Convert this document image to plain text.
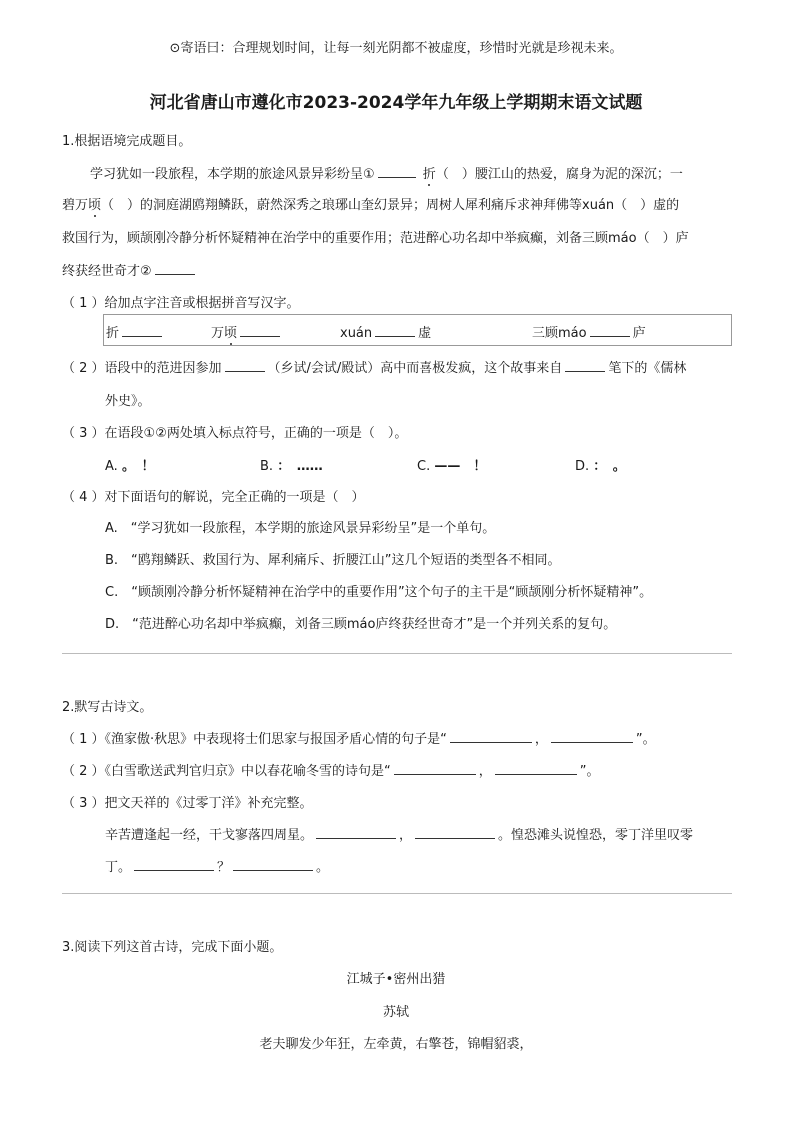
⊙寄语曰：合理规划时间，让每一刻光阴都不被虚度，珍惜时光就是珍视未来。
河北省唐山市遵化市2023-2024学年九年级上学期期末语文试题
1.根据语境完成题目。
学习犹如一段旅程，本学期的旅途风景异彩纷呈①	折（　）腰江山的热爱，腐身为泥的深沉；一
碧万顷（　）的洞庭湖鸥翔鳞跃，蔚然深秀之琅琊山奎幻景异；周树人犀利痛斥求神拜佛等xuán（　）虚的
救国行为，顾颉刚冷静分析怀疑精神在治学中的重要作用；范进醉心功名却中举疯癫，刘备三顾máo（　）庐
终获经世奇才②
（ 1 ）给加点字注音或根据拼音写汉字。
折	万顷	xuán	虚	三顾máo	庐
（ 2 ）语段中的范进因参加	（乡试/会试/殿试）高中而喜极发疯，这个故事来自	笔下的《儒林
外史》。
（ 3 ）在语段①②两处填入标点符号，正确的一项是（　）。
A. 。　！	B. ：　……	C. ——　！	D. ：　。
（ 4 ）对下面语句的解说，完全正确的一项是（　）
A.　“学习犹如一段旅程，本学期的旅途风景异彩纷呈”是一个单句。
B.　“鸥翔鳞跃、救国行为、犀利痛斥、折腰江山”这几个短语的类型各不相同。
C.　“顾颉刚冷静分析怀疑精神在治学中的重要作用”这个句子的主干是“顾颉刚分析怀疑精神”。
D.　“范进醉心功名却中举疯癫，刘备三顾máo庐终获经世奇才”是一个并列关系的复句。
2.默写古诗文。
（ 1 ）《渔家傲·秋思》中表现将士们思家与报国矛盾心情的句子是“	，	”。
（ 2 ）《白雪歌送武判官归京》中以春花喻冬雪的诗句是“	，	”。
（ 3 ）把文天祥的《过零丁洋》补充完整。
辛苦遭逢起一经，干戈寥落四周星。	，	。惶恐滩头说惶恐，零丁洋里叹零
丁。	？	。
3.阅读下列这首古诗，完成下面小题。
江城子•密州出猎
苏轼
老夫聊发少年狂，左牵黄，右擎苍，锦帽貂裘，
